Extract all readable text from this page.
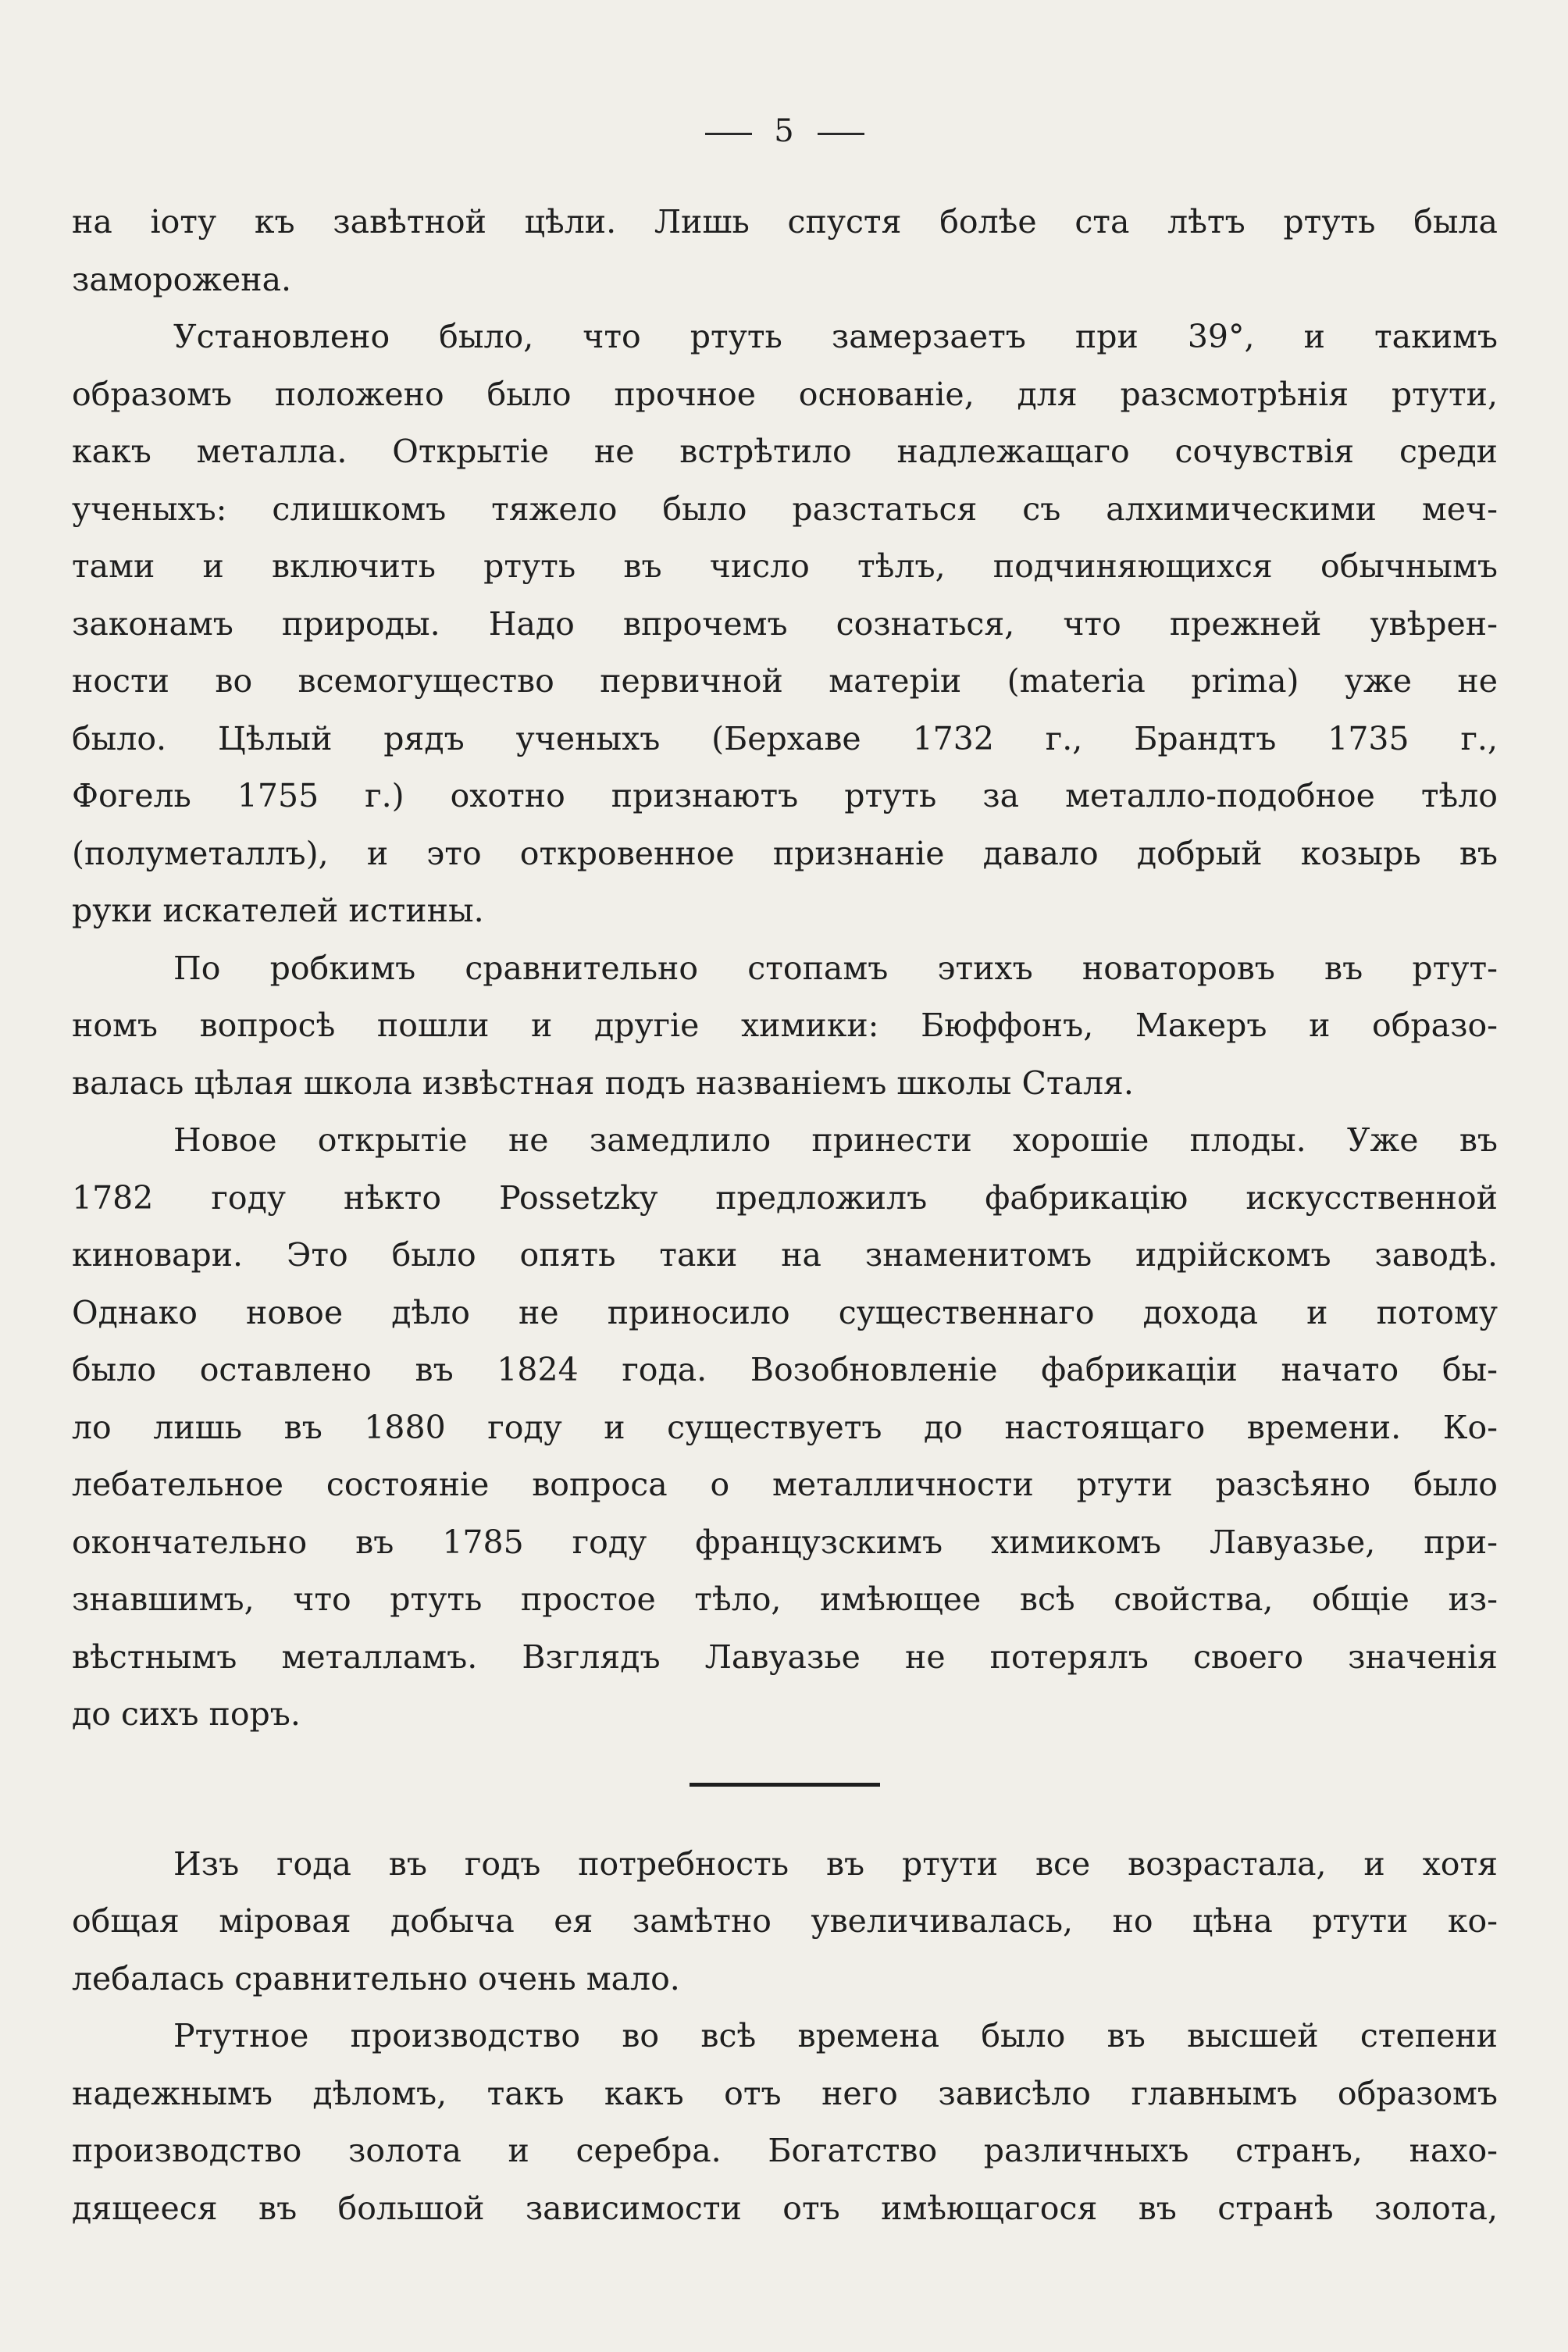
5
на іоту къ завѣтной цѣли. Лишь спустя болѣе ста лѣтъ ртуть была
заморожена.
Установлено было, что ртуть замерзаетъ при 39°, и такимъ
образомъ положено было прочное основаніе, для разсмотрѣнія ртути,
какъ металла. Открытіе не встрѣтило надлежащаго сочувствія среди
ученыхъ: слишкомъ тяжело было разстаться съ алхимическими меч-
тами и включить ртуть въ число тѣлъ, подчиняющихся обычнымъ
законамъ природы. Надо впрочемъ сознаться, что прежней увѣрен-
ности во всемогущество первичной матеріи (materia prima) уже не
было. Цѣлый рядъ ученыхъ (Берхаве 1732 г., Брандтъ 1735 г.,
Фогель 1755 г.) охотно признаютъ ртуть за металло-подобное тѣло
(полуметаллъ), и это откровенное признаніе давало добрый козырь въ
руки искателей истины.
По робкимъ сравнительно стопамъ этихъ новаторовъ въ ртут-
номъ вопросѣ пошли и другіе химики: Бюффонъ, Макеръ и образо-
валась цѣлая школа извѣстная подъ названіемъ школы Сталя.
Новое открытіе не замедлило принести хорошіе плоды. Уже въ
1782 году нѣкто Possetzky предложилъ фабрикацію искусственной
киновари. Это было опять таки на знаменитомъ идрійскомъ заводѣ.
Однако новое дѣло не приносило существеннаго дохода и потому
было оставлено въ 1824 года. Возобновленіе фабрикаціи начато бы-
ло лишь въ 1880 году и существуетъ до настоящаго времени. Ко-
лебательное состояніе вопроса о металличности ртути разсѣяно было
окончательно въ 1785 году французскимъ химикомъ Лавуазье, при-
знавшимъ, что ртуть простое тѣло, имѣющее всѣ свойства, общіе из-
вѣстнымъ металламъ. Взглядъ Лавуазье не потерялъ своего значенія
до сихъ поръ.
Изъ года въ годъ потребность въ ртути все возрастала, и хотя
общая міровая добыча ея замѣтно увеличивалась, но цѣна ртути ко-
лебалась сравнительно очень мало.
Ртутное производство во всѣ времена было въ высшей степени
надежнымъ дѣломъ, такъ какъ отъ него зависѣло главнымъ образомъ
производство золота и серебра. Богатство различныхъ странъ, нахо-
дящееся въ большой зависимости отъ имѣющагося въ странѣ золота,
